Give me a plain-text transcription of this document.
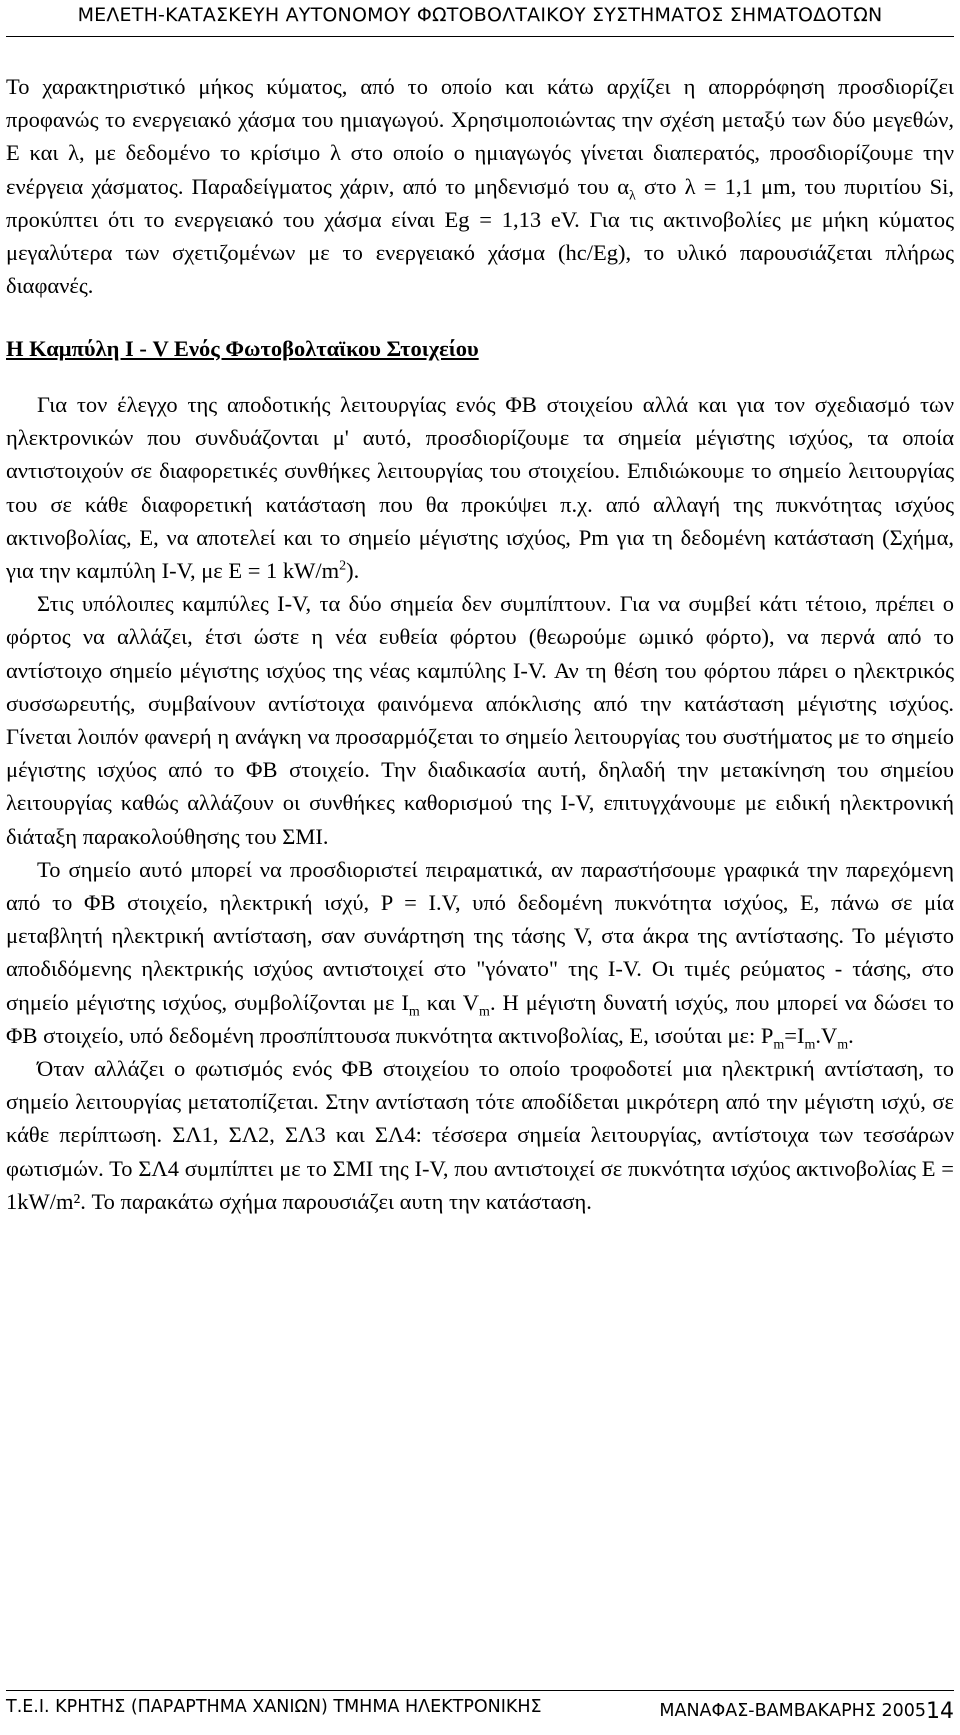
ΜΕΛΕΤΗ-ΚΑΤΑΣΚΕΥΗ ΑΥΤΟΝΟΜΟΥ ΦΩΤΟΒΟΛΤΑΙΚΟΥ ΣΥΣΤΗΜΑΤΟΣ ΣΗΜΑΤΟΔΟΤΩΝ

Το χαρακτηριστικό μήκος κύματος, από το οποίο και κάτω αρχίζει η απορρόφηση προσδιορίζει προφανώς το ενεργειακό χάσμα του ημιαγωγού. Χρησιμοποιώντας την σχέση μεταξύ των δύο μεγεθών, Ε και λ, με δεδομένο το κρίσιμο λ στο οποίο ο ημιαγωγός γίνεται διαπερατός, προσδιορίζουμε την ενέργεια χάσματος. Παραδείγματος χάριν, από το μηδενισμό του $\alpha_\lambda$ στο λ = 1,1 μm, του πυριτίου Si, προκύπτει ότι το ενεργειακό του χάσμα είναι Eg = 1,13 eV. Για τις ακτινοβολίες με μήκη κύματος μεγαλύτερα των σχετιζομένων με το ενεργειακό χάσμα (hc/Eg), το υλικό παρουσιάζεται πλήρως διαφανές.

Η Καμπύλη Ι - V Ενός Φωτοβολταϊκου Στοιχείου

Για τον έλεγχο της αποδοτικής λειτουργίας ενός ΦΒ στοιχείου αλλά και για τον σχεδιασμό των ηλεκτρονικών που συνδυάζονται μ' αυτό, προσδιορίζουμε τα σημεία μέγιστης ισχύος, τα οποία αντιστοιχούν σε διαφορετικές συνθήκες λειτουργίας του στοιχείου. Επιδιώκουμε το σημείο λειτουργίας του σε κάθε διαφορετική κατάσταση που θα προκύψει π.χ. από αλλαγή της πυκνότητας ισχύος ακτινοβολίας, Ε, να αποτελεί και το σημείο μέγιστης ισχύος, Pm για τη δεδομένη κατάσταση (Σχήμα, για την καμπύλη I-V, με Ε = 1 $kW/m^2$).

Στις υπόλοιπες καμπύλες I-V, τα δύο σημεία δεν συμπίπτουν. Για να συμβεί κάτι τέτοιο, πρέπει ο φόρτος να αλλάζει, έτσι ώστε η νέα ευθεία φόρτου (θεωρούμε ωμικό φόρτο), να περνά από το αντίστοιχο σημείο μέγιστης ισχύος της νέας καμπύλης I-V. Αν τη θέση του φόρτου πάρει ο ηλεκτρικός συσσωρευτής, συμβαίνουν αντίστοιχα φαινόμενα απόκλισης από την κατάσταση μέγιστης ισχύος. Γίνεται λοιπόν φανερή η ανάγκη να προσαρμόζεται το σημείο λειτουργίας του συστήματος με το σημείο μέγιστης ισχύος από το ΦΒ στοιχείο. Την διαδικασία αυτή, δηλαδή την μετακίνηση του σημείου λειτουργίας καθώς αλλάζουν οι συνθήκες καθορισμού της I-V, επιτυγχάνουμε με ειδική ηλεκτρονική διάταξη παρακολούθησης του ΣΜΙ.

Το σημείο αυτό μπορεί να προσδιοριστεί πειραματικά, αν παραστήσουμε γραφικά την παρεχόμενη από το ΦΒ στοιχείο, ηλεκτρική ισχύ, P = I.V, υπό δεδομένη πυκνότητα ισχύος, Ε, πάνω σε μία μεταβλητή ηλεκτρική αντίσταση, σαν συνάρτηση της τάσης V, στα άκρα της αντίστασης. Το μέγιστο αποδιδόμενης ηλεκτρικής ισχύος αντιστοιχεί στο "γόνατο" της I-V. Οι τιμές ρεύματος - τάσης, στο σημείο μέγιστης ισχύος, συμβολίζονται με $I_m$ και $V_m$. Η μέγιστη δυνατή ισχύς, που μπορεί να δώσει το ΦΒ στοιχείο, υπό δεδομένη προσπίπτουσα πυκνότητα ακτινοβολίας, Ε, ισούται με: $P_m=I_m.V_m$.

Όταν αλλάζει ο φωτισμός ενός ΦΒ στοιχείου το οποίο τροφοδοτεί μια ηλεκτρική αντίσταση, το σημείο λειτουργίας μετατοπίζεται. Στην αντίσταση τότε αποδίδεται μικρότερη από την μέγιστη ισχύ, σε κάθε περίπτωση. ΣΛ1, ΣΛ2, ΣΛ3 και ΣΛ4: τέσσερα σημεία λειτουργίας, αντίστοιχα των τεσσάρων φωτισμών. Το ΣΛ4 συμπίπτει με το ΣΜΙ της I-V, που αντιστοιχεί σε πυκνότητα ισχύος ακτινοβολίας Ε = 1kW/m². Το παρακάτω σχήμα παρουσιάζει αυτη την κατάσταση.

Τ.Ε.Ι. ΚΡΗΤΗΣ (ΠΑΡΑΡΤΗΜΑ ΧΑΝΙΩΝ) ΤΜΗΜΑ ΗΛΕΚΤΡΟΝΙΚΗΣ	ΜΑΝΑΦΑΣ-ΒΑΜΒΑΚΑΡΗΣ 200514
